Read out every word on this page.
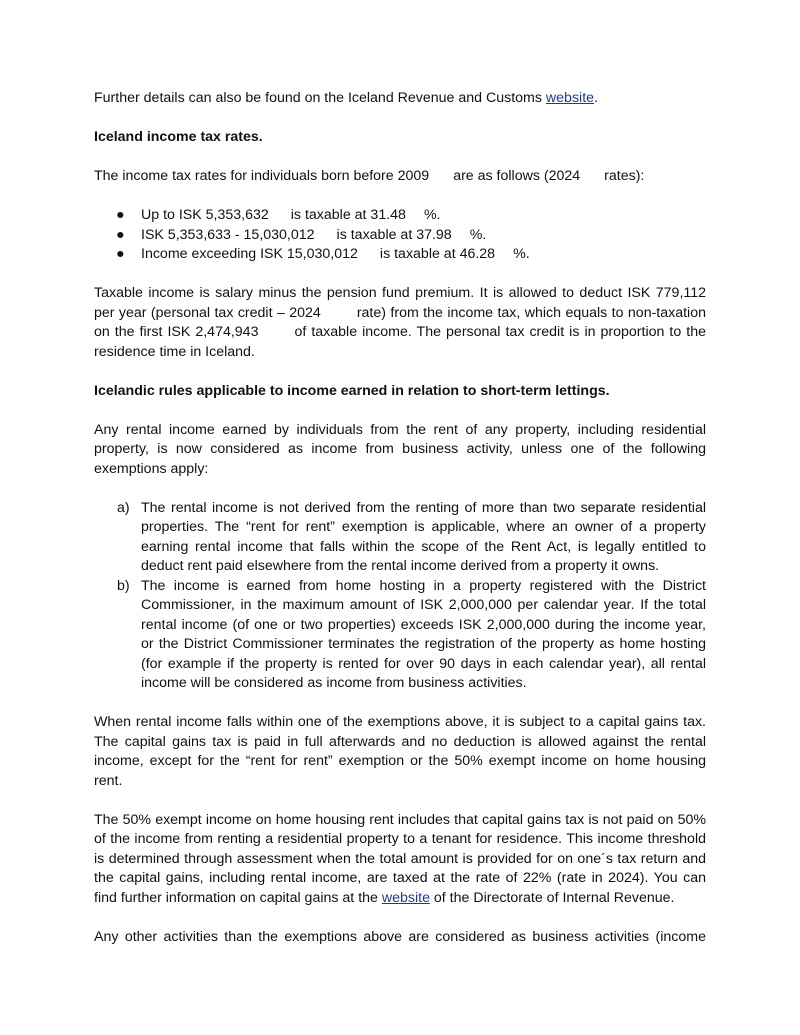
Further details can also be found on the Iceland Revenue and Customs website.

Iceland income tax rates.

The income tax rates for individuals born before 2009 are as follows (2024 rates):

● Up to ISK 5,353,632 is taxable at 31.48 %.
● ISK 5,353,633 - 15,030,012 is taxable at 37.98 %.
● Income exceeding ISK 15,030,012 is taxable at 46.28 %.

Taxable income is salary minus the pension fund premium. It is allowed to deduct ISK 779,112 per year (personal tax credit – 2024	rate) from the income tax, which equals to non-taxation on the first ISK 2,474,943	of taxable income. The personal tax credit is in proportion to the residence time in Iceland.

Icelandic rules applicable to income earned in relation to short-term lettings.

Any rental income earned by individuals from the rent of any property, including residential property, is now considered as income from business activity, unless one of the following exemptions apply:

a) The rental income is not derived from the renting of more than two separate residential properties. The “rent for rent” exemption is applicable, where an owner of a property earning rental income that falls within the scope of the Rent Act, is legally entitled to deduct rent paid elsewhere from the rental income derived from a property it owns.
b) The income is earned from home hosting in a property registered with the District Commissioner, in the maximum amount of ISK 2,000,000 per calendar year. If the total rental income (of one or two properties) exceeds ISK 2,000,000 during the income year, or the District Commissioner terminates the registration of the property as home hosting (for example if the property is rented for over 90 days in each calendar year), all rental income will be considered as income from business activities.

When rental income falls within one of the exemptions above, it is subject to a capital gains tax. The capital gains tax is paid in full afterwards and no deduction is allowed against the rental income, except for the “rent for rent” exemption or the 50% exempt income on home housing rent.

The 50% exempt income on home housing rent includes that capital gains tax is not paid on 50% of the income from renting a residential property to a tenant for residence. This income threshold is determined through assessment when the total amount is provided for on one´s tax return and the capital gains, including rental income, are taxed at the rate of 22% (rate in 2024). You can find further information on capital gains at the website of the Directorate of Internal Revenue.

Any other activities than the exemptions above are considered as business activities (income
